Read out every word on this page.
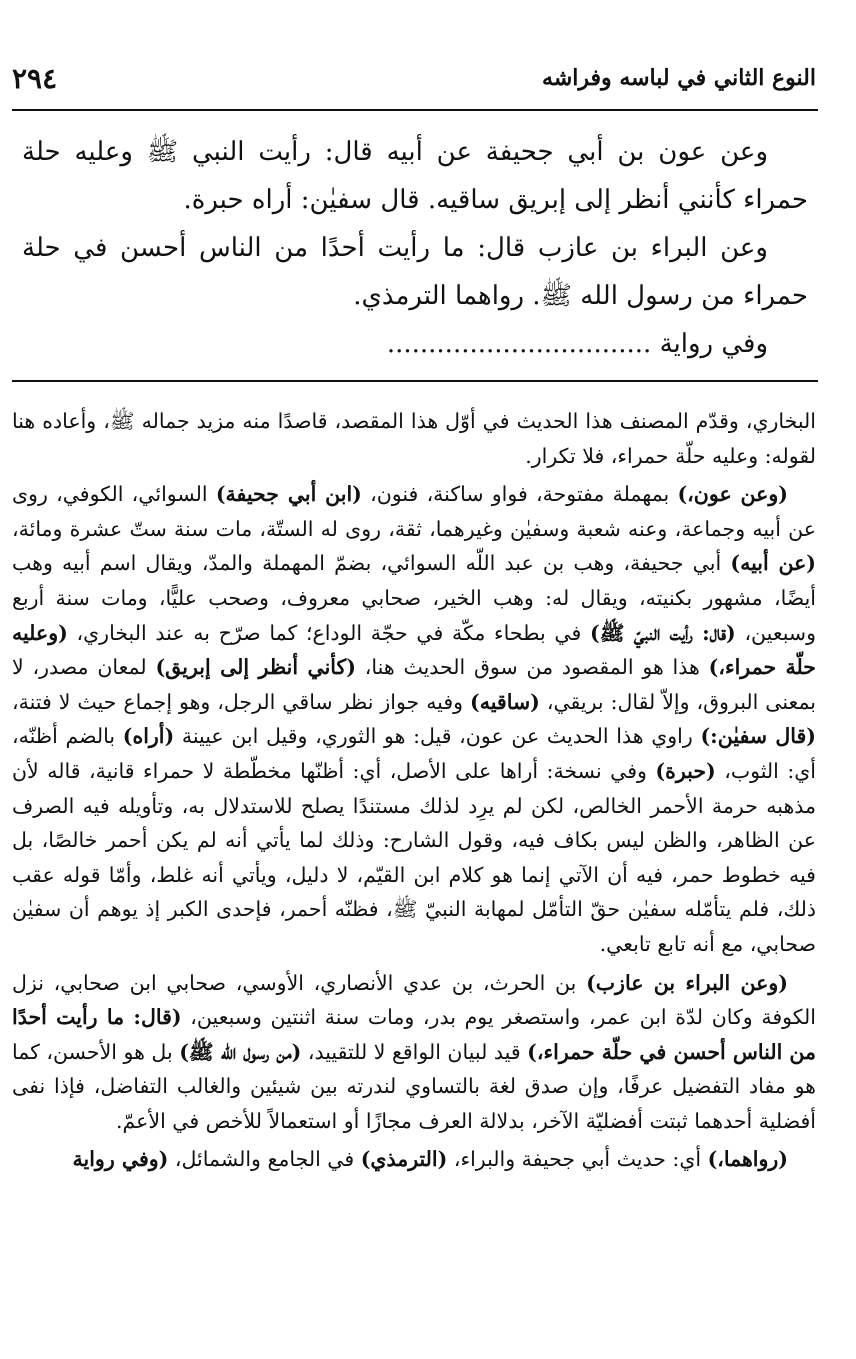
النوع الثاني في لباسه وفراشه
٢٩٤

وعن عون بن أبي جحيفة عن أبيه قال: رأيت النبي ﷺ وعليه حلة حمراء كأنني أنظر إلى إبريق ساقيه. قال سفيٰن: أراه حبرة.

وعن البراء بن عازب قال: ما رأيت أحدًا من الناس أحسن في حلة حمراء من رسول الله ﷺ. رواهما الترمذي.

وفي رواية ................................

البخاري، وقدّم المصنف هذا الحديث في أوّل هذا المقصد، قاصدًا منه مزيد جماله ﷺ، وأعاده هنا لقوله: وعليه حلّة حمراء، فلا تكرار.

(وعن عون،) بمهملة مفتوحة، فواو ساكنة، فنون، (ابن أبي جحيفة) السوائي، الكوفي، روى عن أبيه وجماعة، وعنه شعبة وسفيٰن وغيرهما، ثقة، روى له الستّة، مات سنة ستّ عشرة ومائة، (عن أبيه) أبي جحيفة، وهب بن عبد اللّه السوائي، بضمّ المهملة والمدّ، ويقال اسم أبيه وهب أيضًا، مشهور بكنيته، ويقال له: وهب الخير، صحابي معروف، وصحب عليًّا، ومات سنة أربع وسبعين، (قال: رأيت النبيّ ﷺ) في بطحاء مكّة في حجّة الوداع؛ كما صرّح به عند البخاري، (وعليه حلّة حمراء،) هذا هو المقصود من سوق الحديث هنا، (كأني أنظر إلى إبريق) لمعان مصدر، لا بمعنى البروق، وإلاّ لقال: بريقي، (ساقيه) وفيه جواز نظر ساقي الرجل، وهو إجماع حيث لا فتنة، (قال سفيٰن:) راوي هذا الحديث عن عون، قيل: هو الثوري، وقيل ابن عيينة (أراه) بالضم أظنّه، أي: الثوب، (حبرة) وفي نسخة: أراها على الأصل، أي: أظنّها مخطّطة لا حمراء قانية، قاله لأن مذهبه حرمة الأحمر الخالص، لكن لم يرِد لذلك مستندًا يصلح للاستدلال به، وتأويله فيه الصرف عن الظاهر، والظن ليس بكاف فيه، وقول الشارح: وذلك لما يأتي أنه لم يكن أحمر خالصًا، بل فيه خطوط حمر، فيه أن الآتي إنما هو كلام ابن القيّم، لا دليل، ويأتي أنه غلط، وأمّا قوله عقب ذلك، فلم يتأمّله سفيٰن حقّ التأمّل لمهابة النبيّ ﷺ، فظنّه أحمر، فإحدى الكبر إذ يوهم أن سفيٰن صحابي، مع أنه تابع تابعي.

(وعن البراء بن عازب) بن الحرث، بن عدي الأنصاري، الأوسي، صحابي ابن صحابي، نزل الكوفة وكان لدّة ابن عمر، واستصغر يوم بدر، ومات سنة اثنتين وسبعين، (قال: ما رأيت أحدًا من الناس أحسن في حلّة حمراء،) قيد لبيان الواقع لا للتقييد، (من رسول اللّه ﷺ) بل هو الأحسن، كما هو مفاد التفضيل عرفًا، وإن صدق لغة بالتساوي لندرته بين شيئين والغالب التفاضل، فإذا نفى أفضلية أحدهما ثبتت أفضليّة الآخر، بدلالة العرف مجازًا أو استعمالاً للأخص في الأعمّ.

(رواهما،) أي: حديث أبي جحيفة والبراء، (الترمذي) في الجامع والشمائل، (وفي رواية
